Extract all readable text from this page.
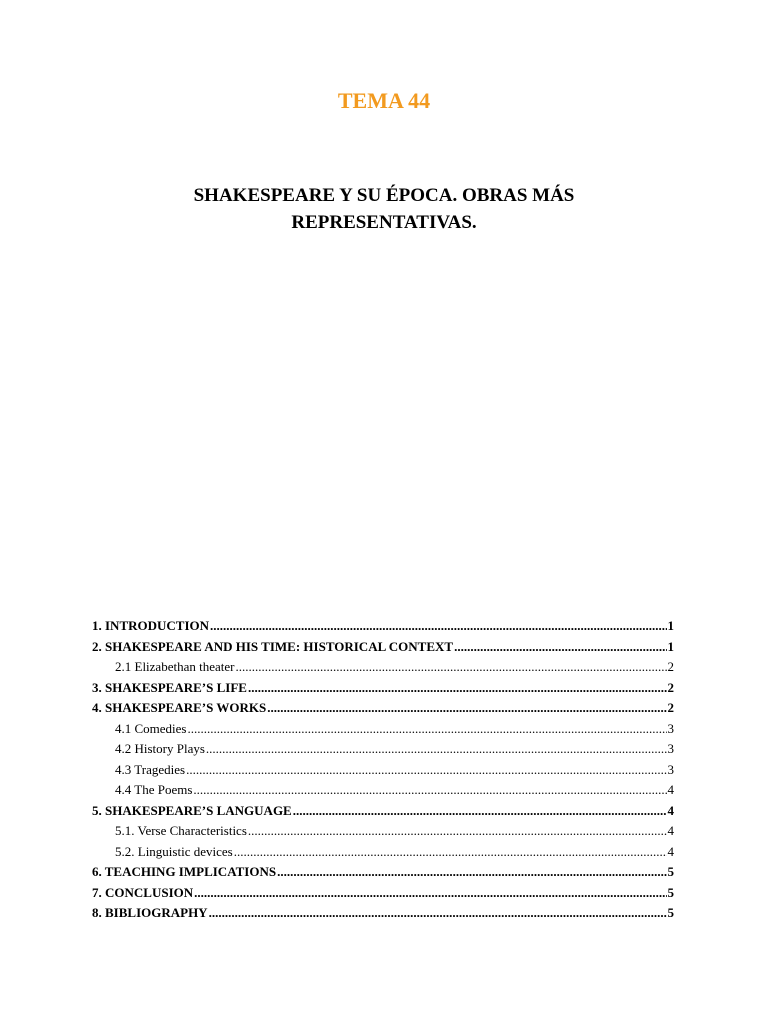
TEMA 44
SHAKESPEARE Y SU ÉPOCA. OBRAS MÁS
REPRESENTATIVAS.
1. INTRODUCTION .....	1
2. SHAKESPEARE AND HIS TIME: HISTORICAL CONTEXT .....	1
2.1 Elizabethan theater .....	2
3. SHAKESPEARE’S LIFE .....	2
4. SHAKESPEARE’S WORKS .....	2
4.1 Comedies .....	3
4.2 History Plays .....	3
4.3 Tragedies .....	3
4.4 The Poems .....	4
5. SHAKESPEARE’S LANGUAGE .....	4
5.1. Verse Characteristics .....	4
5.2. Linguistic devices .....	4
6. TEACHING IMPLICATIONS .....	5
7. CONCLUSION .....	5
8. BIBLIOGRAPHY .....	5
